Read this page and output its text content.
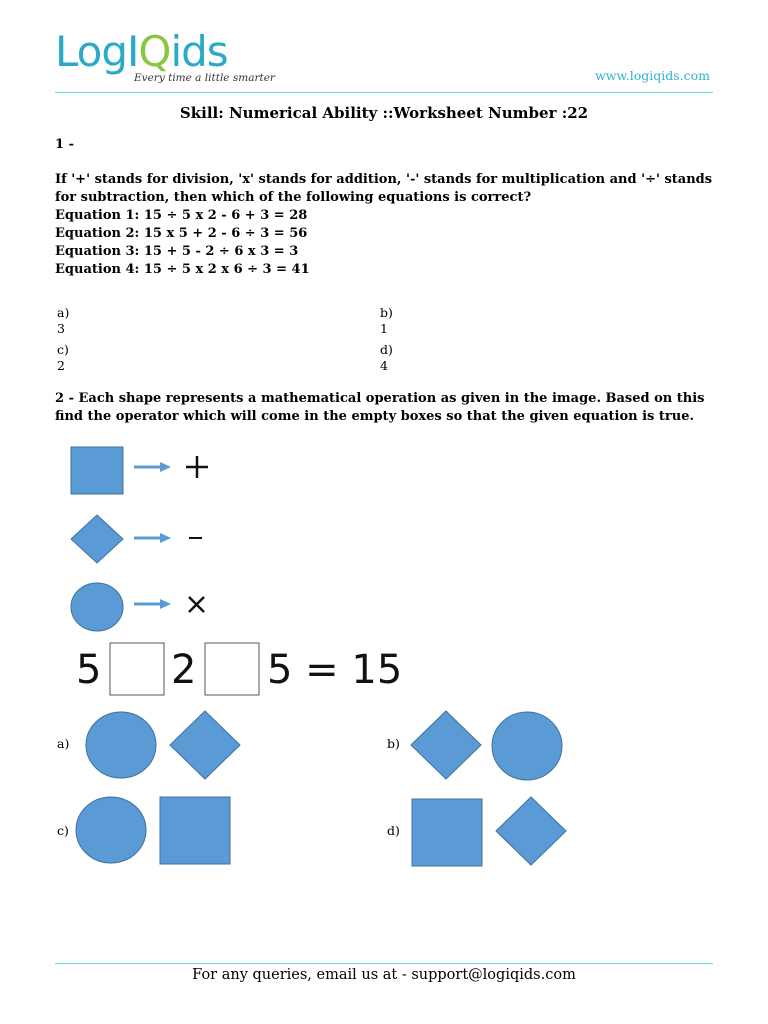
LogIQids
Every time a little smarter	www.logiqids.com
Skill: Numerical Ability ::Worksheet Number :22
1 -
If '+' stands for division, 'x' stands for addition, '-' stands for multiplication and '÷' stands
for subtraction, then which of the following equations is correct?
Equation 1: 15 ÷ 5 x 2 - 6 + 3 = 28
Equation 2: 15 x 5 + 2 - 6 ÷ 3 = 56
Equation 3: 15 + 5 - 2 ÷ 6 x 3 = 3
Equation 4: 15 ÷ 5 x 2 x 6 ÷ 3 = 41
a)
3
b)
1
c)
2
d)
4
2 - Each shape represents a mathematical operation as given in the image. Based on this
find the operator which will come in the empty boxes so that the given equation is true.
5 2 5 = 15
a)	b)
c)	d)
For any queries, email us at - support@logiqids.com
